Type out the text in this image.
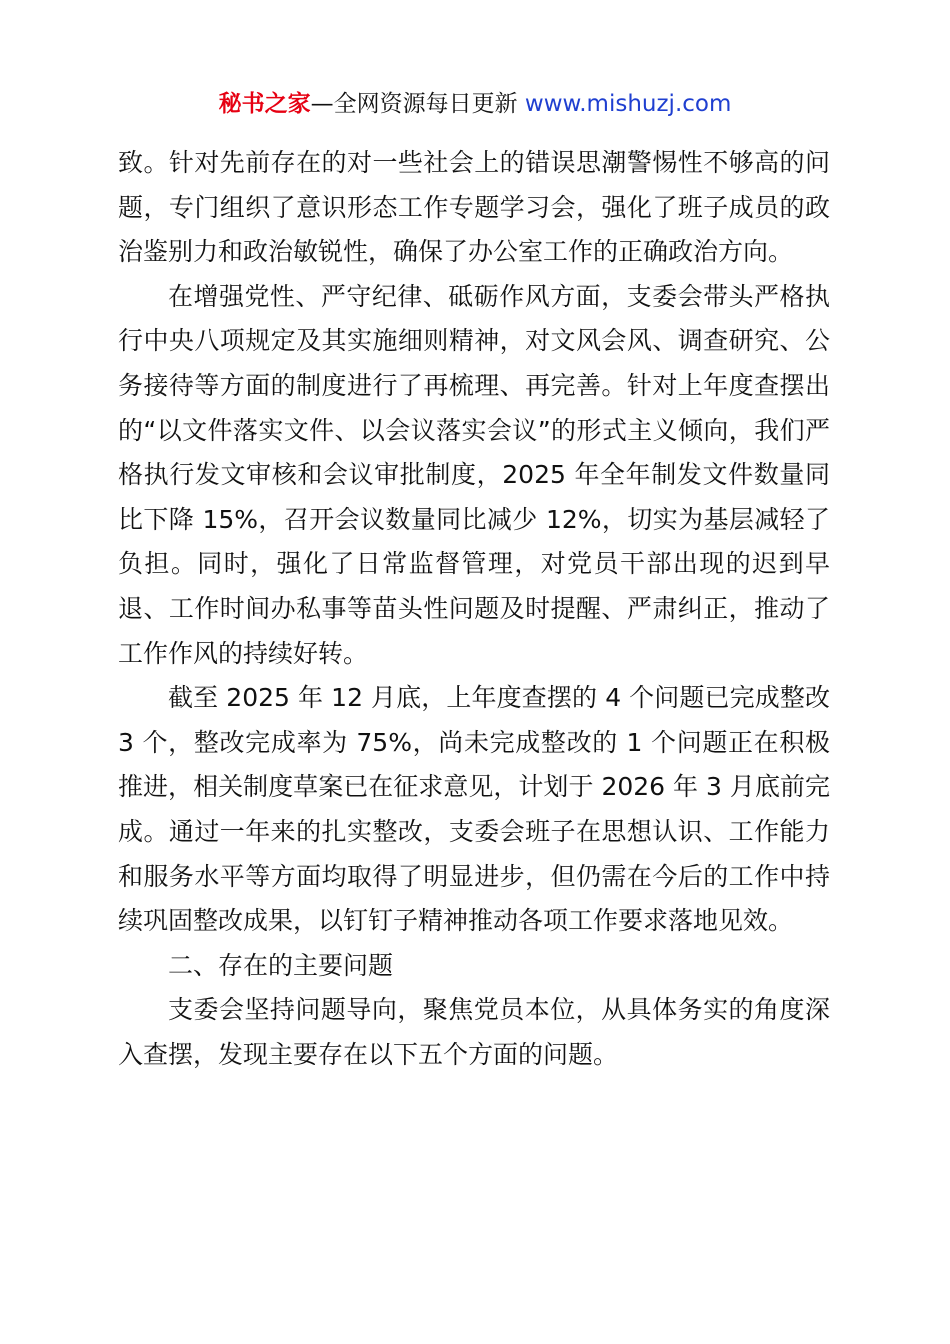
秘书之家—全网资源每日更新 www.mishuzj.com

致。针对先前存在的对一些社会上的错误思潮警惕性不够高的问题，专门组织了意识形态工作专题学习会，强化了班子成员的政治鉴别力和政治敏锐性，确保了办公室工作的正确政治方向。

在增强党性、严守纪律、砥砺作风方面，支委会带头严格执行中央八项规定及其实施细则精神，对文风会风、调查研究、公务接待等方面的制度进行了再梳理、再完善。针对上年度查摆出的“以文件落实文件、以会议落实会议”的形式主义倾向，我们严格执行发文审核和会议审批制度，2025 年全年制发文件数量同比下降 15%，召开会议数量同比减少 12%，切实为基层减轻了负担。同时，强化了日常监督管理，对党员干部出现的迟到早退、工作时间办私事等苗头性问题及时提醒、严肃纠正，推动了工作作风的持续好转。

截至 2025 年 12 月底，上年度查摆的 4 个问题已完成整改 3 个，整改完成率为 75%，尚未完成整改的 1 个问题正在积极推进，相关制度草案已在征求意见，计划于 2026 年 3 月底前完成。通过一年来的扎实整改，支委会班子在思想认识、工作能力和服务水平等方面均取得了明显进步，但仍需在今后的工作中持续巩固整改成果，以钉钉子精神推动各项工作要求落地见效。

二、存在的主要问题

支委会坚持问题导向，聚焦党员本位，从具体务实的角度深入查摆，发现主要存在以下五个方面的问题。
